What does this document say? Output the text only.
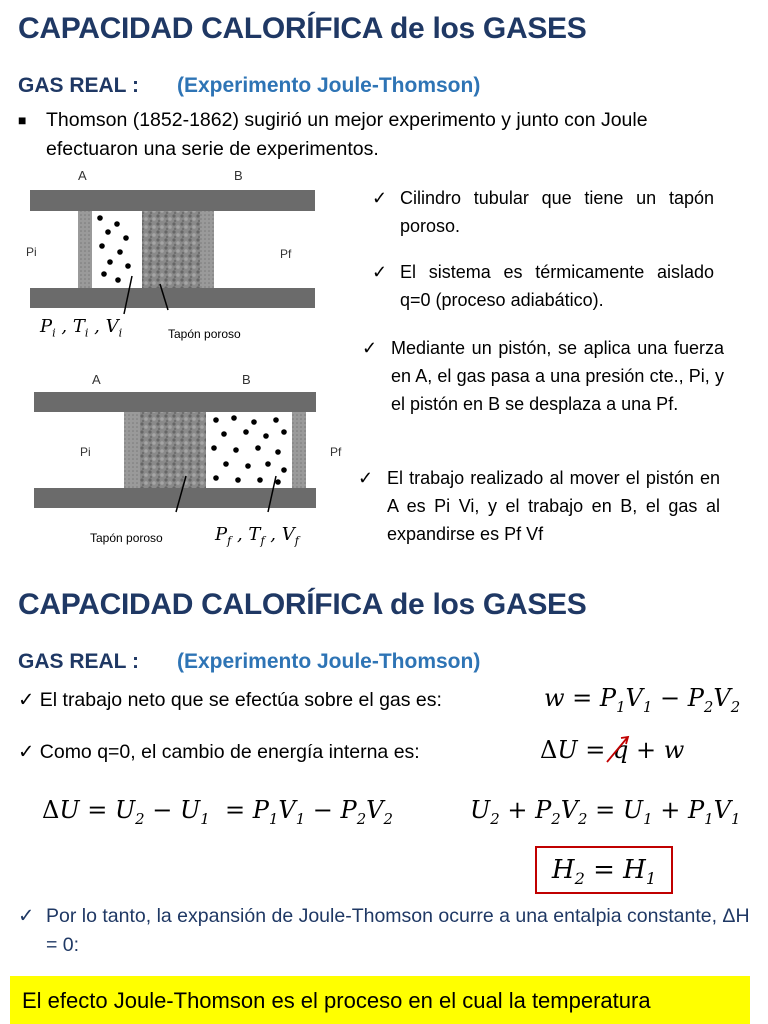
CAPACIDAD CALORÍFICA de los GASES
GAS REAL : (Experimento Joule-Thomson)
■ Thomson (1852-1862) sugirió un mejor experimento y junto con Joule efectuaron una serie de experimentos.
A	B
Pi	Pf
Tapón poroso
$P_i$ , $T_i$ , $V_i$
A	B
Pi	Pf
Tapón poroso	$P_f$ , $T_f$ , $V_f$
✓ Cilindro tubular que tiene un tapón poroso.
✓ El sistema es térmicamente aislado q=0 (proceso adiabático).
✓ Mediante un pistón, se aplica una fuerza en A, el gas pasa a una presión cte., Pi, y el pistón en B se desplaza a una Pf.
✓ El trabajo realizado al mover el pistón en A es Pi Vi, y el trabajo en B, el gas al expandirse es Pf Vf
CAPACIDAD CALORÍFICA de los GASES
GAS REAL : (Experimento Joule-Thomson)
✓ El trabajo neto que se efectúa sobre el gas es:	$w = P_1V_1 - P_2V_2$
✓ Como q=0, el cambio de energía interna es:	ΔU = q + w
$\Delta U = U_2 - U_1 = P_1V_1 - P_2V_2$	$U_2 + P_2V_2 = U_1 + P_1V_1$
$H_2 = H_1$
✓ Por lo tanto, la expansión de Joule-Thomson ocurre a una entalpia constante, ΔH = 0:
El efecto Joule-Thomson es el proceso en el cual la temperatura
